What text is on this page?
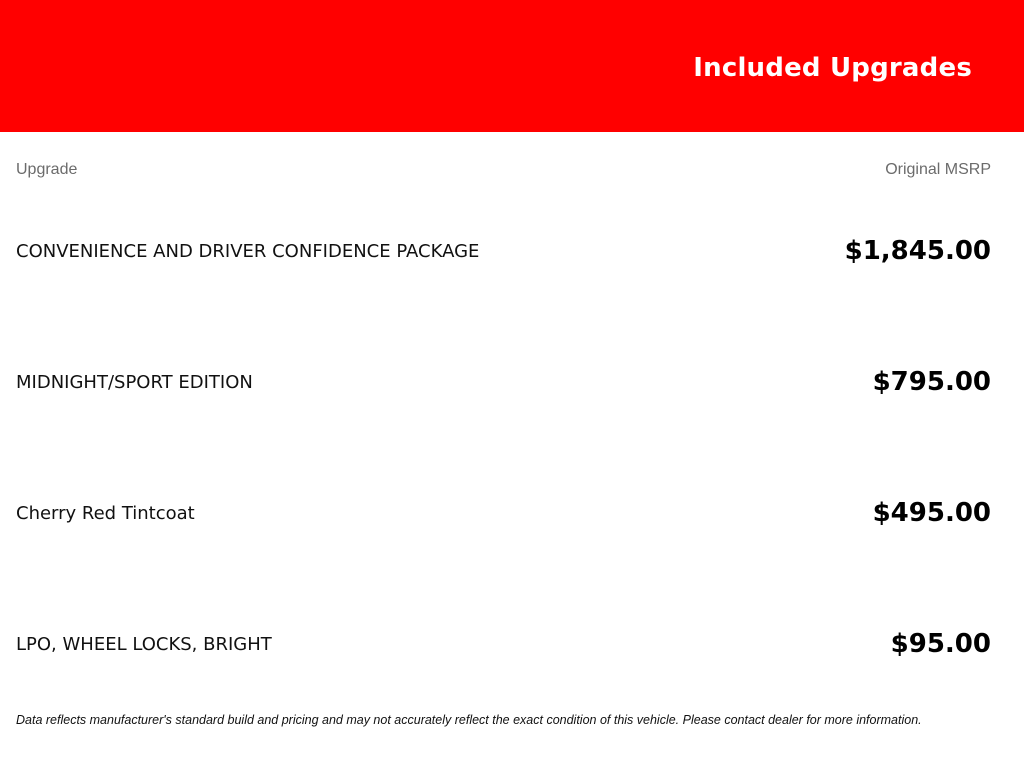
Included Upgrades
Upgrade	Original MSRP
CONVENIENCE AND DRIVER CONFIDENCE PACKAGE	$1,845.00
MIDNIGHT/SPORT EDITION	$795.00
Cherry Red Tintcoat	$495.00
LPO, WHEEL LOCKS, BRIGHT	$95.00
Data reflects manufacturer's standard build and pricing and may not accurately reflect the exact condition of this vehicle. Please contact dealer for more information.
